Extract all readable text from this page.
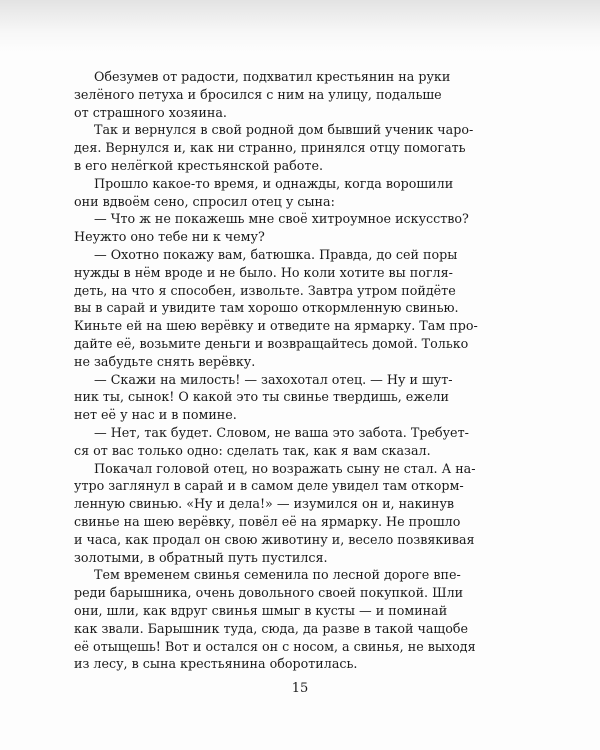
Обезумев от радости, подхватил крестьянин на руки
зелёного петуха и бросился с ним на улицу, подальше
от страшного хозяина.

Так и вернулся в свой родной дом бывший ученик чаро-
дея. Вернулся и, как ни странно, принялся отцу помогать
в его нелёгкой крестьянской работе.

Прошло какое-то время, и однажды, когда ворошили
они вдвоём сено, спросил отец у сына:

— Что ж не покажешь мне своё хитроумное искусство?
Неужто оно тебе ни к чему?

— Охотно покажу вам, батюшка. Правда, до сей поры
нужды в нём вроде и не было. Но коли хотите вы погля-
деть, на что я способен, извольте. Завтра утром пойдёте
вы в сарай и увидите там хорошо откормленную свинью.
Киньте ей на шею верёвку и отведите на ярмарку. Там про-
дайте её, возьмите деньги и возвращайтесь домой. Только
не забудьте снять верёвку.

— Скажи на милость! — захохотал отец. — Ну и шут-
ник ты, сынок! О какой это ты свинье твердишь, ежели
нет её у нас и в помине.

— Нет, так будет. Словом, не ваша это забота. Требует-
ся от вас только одно: сделать так, как я вам сказал.

Покачал головой отец, но возражать сыну не стал. А на-
утро заглянул в сарай и в самом деле увидел там откорм-
ленную свинью. «Ну и дела!» — изумился он и, накинув
свинье на шею верёвку, повёл её на ярмарку. Не прошло
и часа, как продал он свою животину и, весело позвякивая
золотыми, в обратный путь пустился.

Тем временем свинья семенила по лесной дороге впе-
реди барышника, очень довольного своей покупкой. Шли
они, шли, как вдруг свинья шмыг в кусты — и поминай
как звали. Барышник туда, сюда, да разве в такой чащобе
её отыщешь! Вот и остался он с носом, а свинья, не выходя
из лесу, в сына крестьянина оборотилась.

15
